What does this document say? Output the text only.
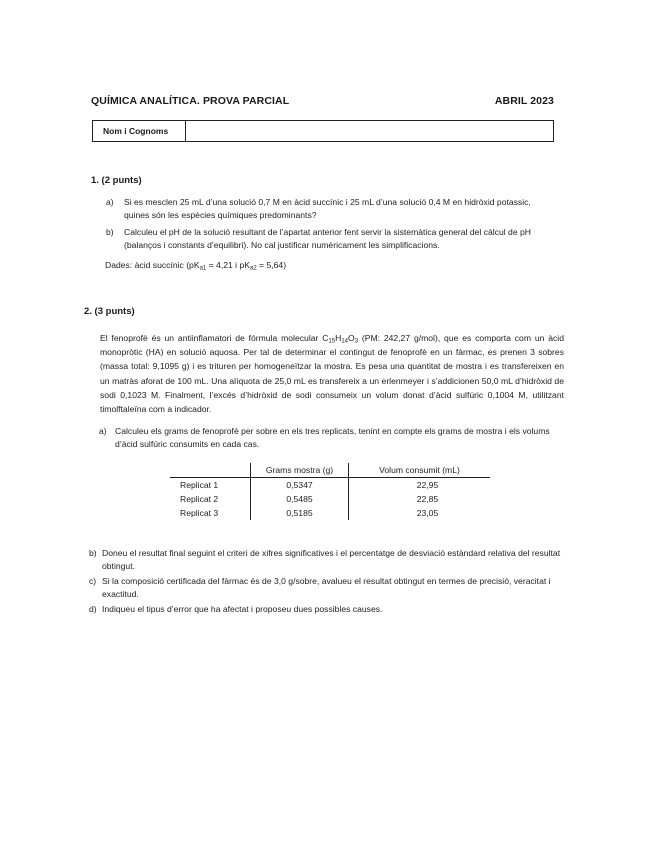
QUÍMICA ANALÍTICA. PROVA PARCIAL	ABRIL 2023
Nom i Cognoms
1. (2 punts)
a)	Si es mesclen 25 mL d’una solució 0,7 M en àcid succínic i 25 mL d’una solució 0,4 M en hidròxid potassic, quines són les espècies químiques predominants?
b)	Calculeu el pH de la solució resultant de l’apartat anterior fent servir la sistemàtica general del càlcul de pH (balanços i constants d’equilibri). No cal justificar numèricament les simplificacions.
Dades: àcid succínic ($pK_{a1} = 4,21$ i $pK_{a2} = 5,64$)
2. (3 punts)
El fenoprofè és un antiinflamatori de fórmula molecular $C_{15}H_{14}O_3$ (PM: 242,27 g/mol), que es comporta com un àcid monopròtic (HA) en solució aquosa. Per tal de determinar el contingut de fenoprofè en un fàrmac, es prenen 3 sobres (massa total: 9,1095 g) i es trituren per homogeneïtzar la mostra. Es pesa una quantitat de mostra i es transfereixen en un matràs aforat de 100 mL. Una alíquota de 25,0 mL es transfereix a un erlenmeyer i s’addicionen 50,0 mL d’hidròxid de sodi 0,1023 M. Finalment, l’excés d’hidròxid de sodi consumeix un volum donat d’àcid sulfúric 0,1004 M, utilitzant timolftaleïna com a indicador.
a) Calculeu els grams de fenoprofè per sobre en els tres replicats, tenint en compte els grams de mostra i els volums d’àcid sulfúric consumits en cada cas.
	Grams mostra (g)	Volum consumit (mL)
Replicat 1	0,5347	22,95
Replicat 2	0,5485	22,85
Replicat 3	0,5185	23,05
b) Doneu el resultat final seguint el criteri de xifres significatives i el percentatge de desviació estàndard relativa del resultat obtingut.
c) Si la composició certificada del fàrmac és de 3,0 g/sobre, avalueu el resultat obtingut en termes de precisió, veracitat i exactitud.
d) Indiqueu el tipus d’error que ha afectat i proposeu dues possibles causes.
